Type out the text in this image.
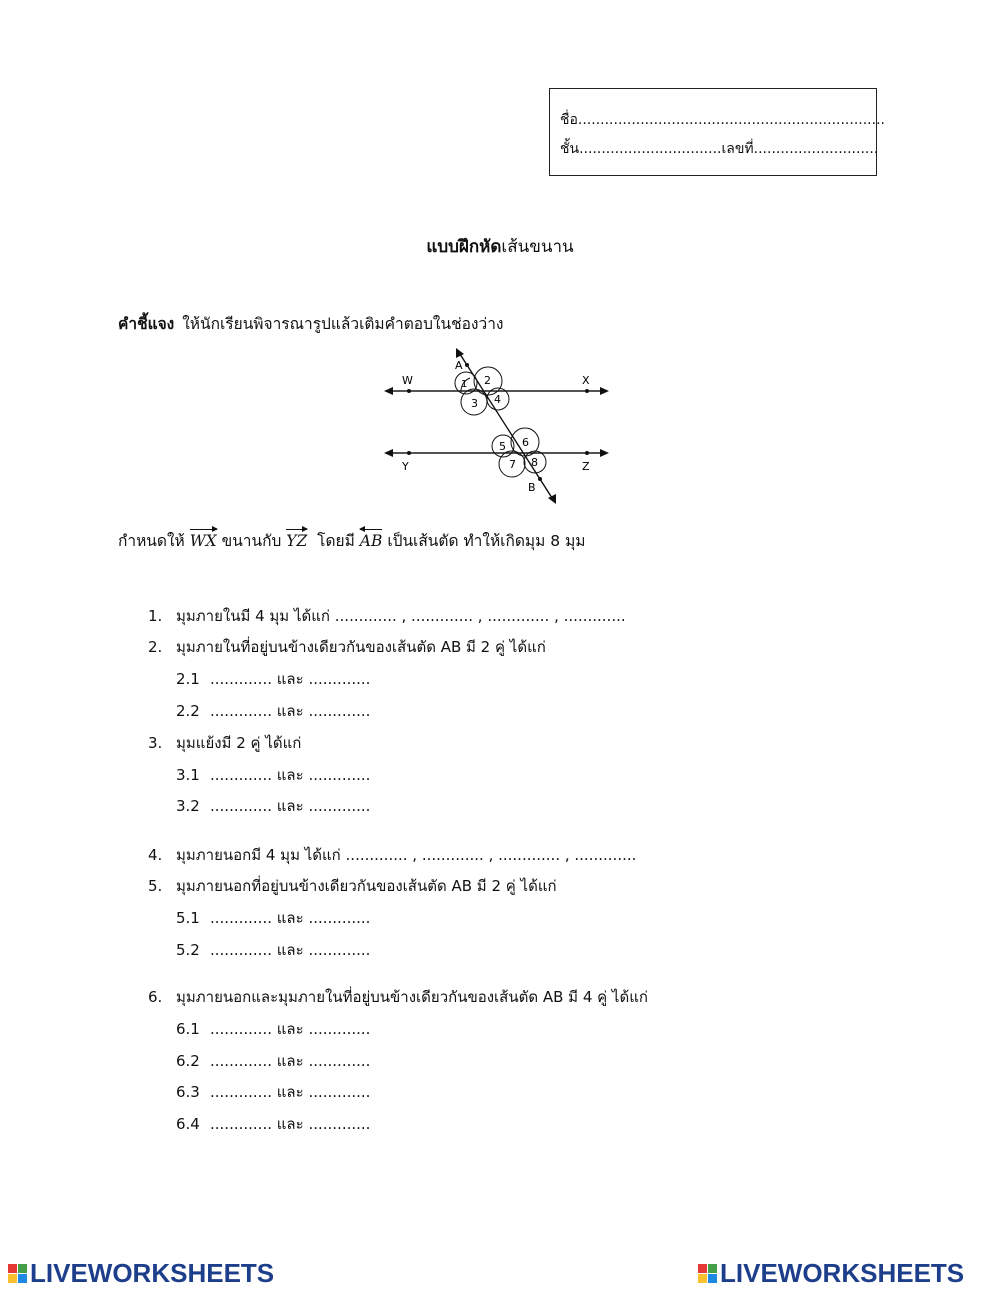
ชื่อ.....................................................................
ชั้น................................เลขที่............................
แบบฝึกหัดเส้นขนาน
คำชี้แจง ให้นักเรียนพิจารณารูปแล้วเติมคำตอบในช่องว่าง
W	X
Y	Z
A
B
1 2
3 4
5 6
7 8
กำหนดให้ WX ขนานกับ YZ โดยมี AB เป็นเส้นตัด ทำให้เกิดมุม 8 มุม
1. มุมภายในมี 4 มุม ได้แก่ ............. , ............. , ............. , .............
2. มุมภายในที่อยู่บนข้างเดียวกันของเส้นตัด AB มี 2 คู่ ได้แก่
2.1 ............. และ .............
2.2 ............. และ .............
3. มุมแย้งมี 2 คู่ ได้แก่
3.1 ............. และ .............
3.2 ............. และ .............
4. มุมภายนอกมี 4 มุม ได้แก่ ............. , ............. , ............. , .............
5. มุมภายนอกที่อยู่บนข้างเดียวกันของเส้นตัด AB มี 2 คู่ ได้แก่
5.1 ............. และ .............
5.2 ............. และ .............
6. มุมภายนอกและมุมภายในที่อยู่บนข้างเดียวกันของเส้นตัด AB มี 4 คู่ ได้แก่
6.1 ............. และ .............
6.2 ............. และ .............
6.3 ............. และ .............
6.4 ............. และ .............
LIVEWORKSHEETS	LIVEWORKSHEETS
